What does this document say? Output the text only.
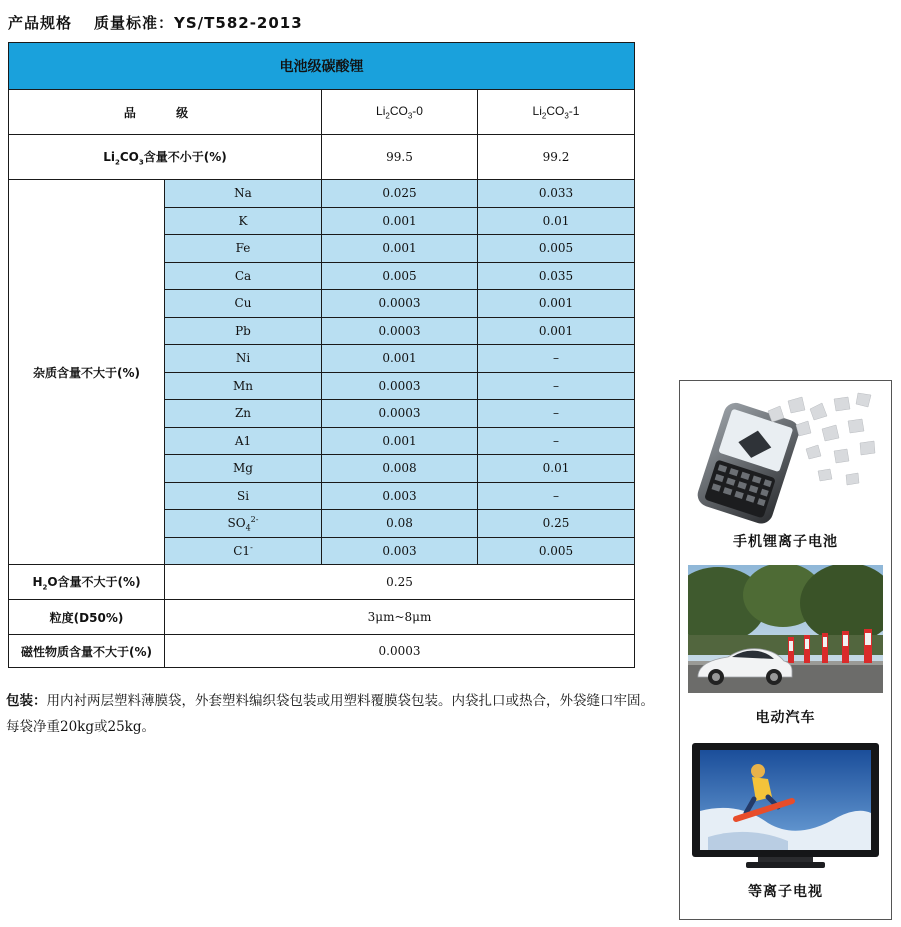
产品规格 质量标准：YS/T582-2013
电池级碳酸锂			
品 级		$Li_2CO_3-0$	$Li_2CO_3-1$
$Li_2CO_3$含量不小于(%)		99.5	99.2
杂质含量不大于(%)	Na	0.025	0.033
	K	0.001	0.01
	Fe	0.001	0.005
	Ca	0.005	0.035
	Cu	0.0003	0.001
	Pb	0.0003	0.001
	Ni	0.001	–
	Mn	0.0003	–
	Zn	0.0003	–
	A1	0.001	–
	Mg	0.008	0.01
	Si	0.003	–
	$SO_4^{2-}$	0.08	0.25
	C1-	0.003	0.005
$H_2O$含量不大于(%)	0.25		
粒度(D50%)	3μm~8μm		
磁性物质含量不大于(%)	0.0003		
包装：用内衬两层塑料薄膜袋，外套塑料编织袋包装或用塑料覆膜袋包装。内袋扎口或热合，外袋缝口牢固。每袋净重20kg或25kg。
手机锂离子电池
电动汽车
等离子电视
